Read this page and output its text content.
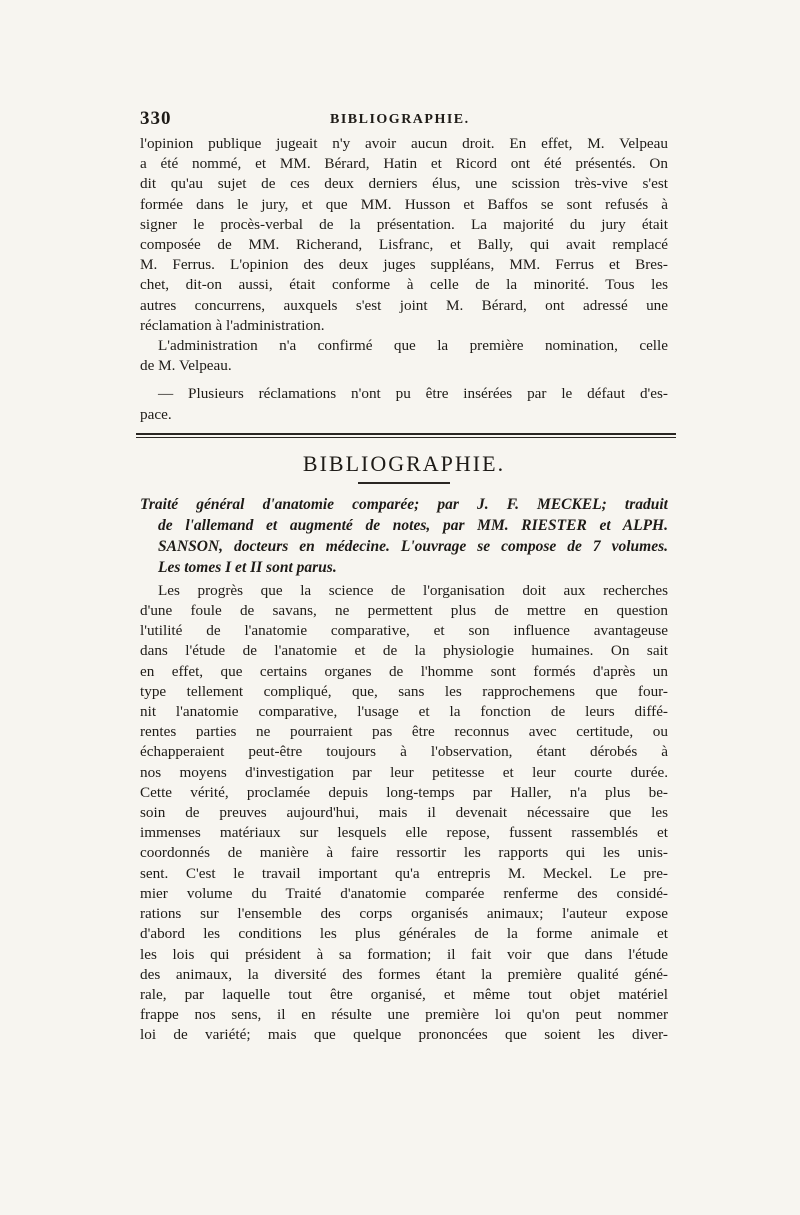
330	BIBLIOGRAPHIE.
l'opinion publique jugeait n'y avoir aucun droit. En effet, M. Velpeau
a été nommé, et MM. Bérard, Hatin et Ricord ont été présentés. On
dit qu'au sujet de ces deux derniers élus, une scission très-vive s'est
formée dans le jury, et que MM. Husson et Baffos se sont refusés à
signer le procès-verbal de la présentation. La majorité du jury était
composée de MM. Richerand, Lisfranc, et Bally, qui avait remplacé
M. Ferrus. L'opinion des deux juges suppléans, MM. Ferrus et Bres-
chet, dit-on aussi, était conforme à celle de la minorité. Tous les
autres concurrens, auxquels s'est joint M. Bérard, ont adressé une
réclamation à l'administration.
L'administration n'a confirmé que la première nomination, celle
de M. Velpeau.
— Plusieurs réclamations n'ont pu être insérées par le défaut d'es-
pace.
BIBLIOGRAPHIE.
Traité général d'anatomie comparée; par J. F. MECKEL; traduit
de l'allemand et augmenté de notes, par MM. RIESTER et ALPH.
SANSON, docteurs en médecine. L'ouvrage se compose de 7 volumes.
Les tomes I et II sont parus.
Les progrès que la science de l'organisation doit aux recherches
d'une foule de savans, ne permettent plus de mettre en question
l'utilité de l'anatomie comparative, et son influence avantageuse
dans l'étude de l'anatomie et de la physiologie humaines. On sait
en effet, que certains organes de l'homme sont formés d'après un
type tellement compliqué, que, sans les rapprochemens que four-
nit l'anatomie comparative, l'usage et la fonction de leurs diffé-
rentes parties ne pourraient pas être reconnus avec certitude, ou
échapperaient peut-être toujours à l'observation, étant dérobés à
nos moyens d'investigation par leur petitesse et leur courte durée.
Cette vérité, proclamée depuis long-temps par Haller, n'a plus be-
soin de preuves aujourd'hui, mais il devenait nécessaire que les
immenses matériaux sur lesquels elle repose, fussent rassemblés et
coordonnés de manière à faire ressortir les rapports qui les unis-
sent. C'est le travail important qu'a entrepris M. Meckel. Le pre-
mier volume du Traité d'anatomie comparée renferme des considé-
rations sur l'ensemble des corps organisés animaux; l'auteur expose
d'abord les conditions les plus générales de la forme animale et
les lois qui président à sa formation; il fait voir que dans l'étude
des animaux, la diversité des formes étant la première qualité géné-
rale, par laquelle tout être organisé, et même tout objet matériel
frappe nos sens, il en résulte une première loi qu'on peut nommer
loi de variété; mais que quelque prononcées que soient les diver-
